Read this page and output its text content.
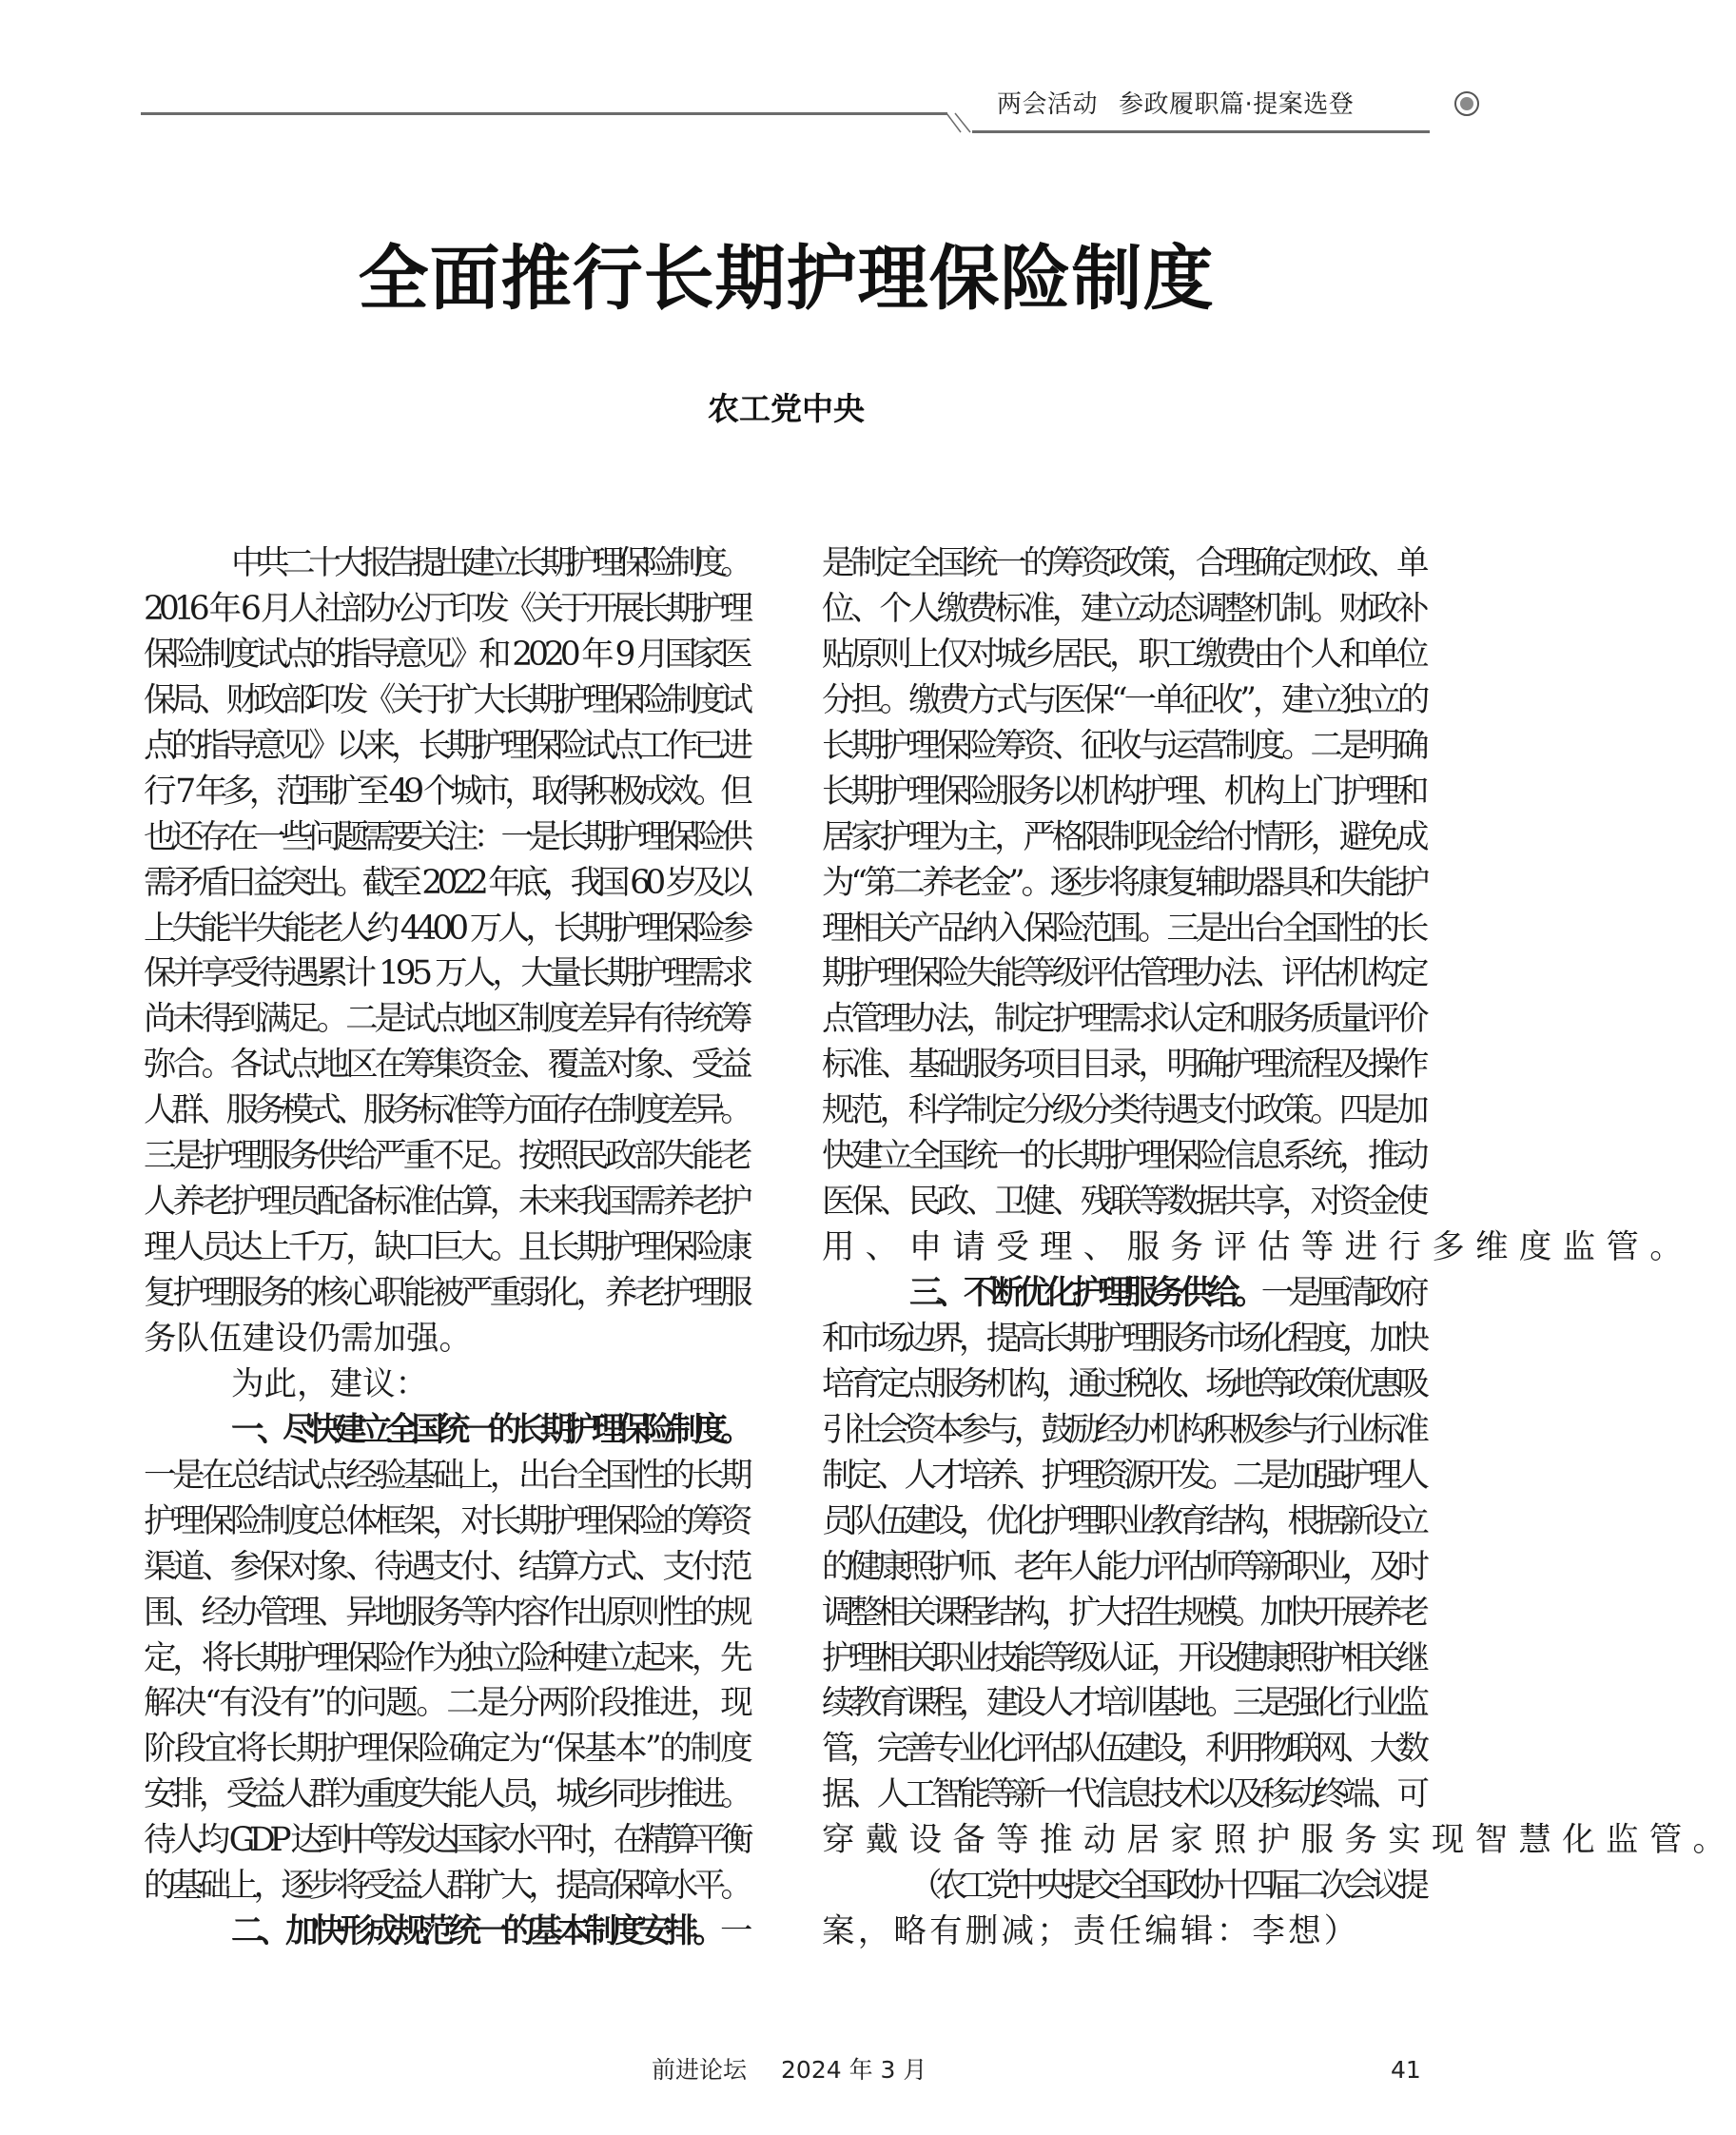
两会活动 参政履职篇·提案选登
全面推行长期护理保险制度
农工党中央
中共二十大报告提出建立长期护理保险制度。
2016 年 6 月人社部办公厅印发《关于开展长期护理
保险制度试点的指导意见》和 2020 年 9 月国家医
保局、财政部印发《关于扩大长期护理保险制度试
点的指导意见》以来，长期护理保险试点工作已进
行 7 年多，范围扩至 49 个城市，取得积极成效。但
也还存在一些问题需要关注：一是长期护理保险供
需矛盾日益突出。截至 2022 年底，我国 60 岁及以
上失能半失能老人约 4400 万人，长期护理保险参
保并享受待遇累计 195 万人，大量长期护理需求
尚未得到满足。二是试点地区制度差异有待统筹
弥合。各试点地区在筹集资金、覆盖对象、受益
人群、服务模式、服务标准等方面存在制度差异。
三是护理服务供给严重不足。按照民政部失能老
人养老护理员配备标准估算，未来我国需养老护
理人员达上千万，缺口巨大。且长期护理保险康
复护理服务的核心职能被严重弱化，养老护理服
务队伍建设仍需加强。
为此，建议：
一、尽快建立全国统一的长期护理保险制度。
一是在总结试点经验基础上，出台全国性的长期
护理保险制度总体框架，对长期护理保险的筹资
渠道、参保对象、待遇支付、结算方式、支付范
围、经办管理、异地服务等内容作出原则性的规
定，将长期护理保险作为独立险种建立起来，先
解决“有没有”的问题。二是分两阶段推进，现
阶段宜将长期护理保险确定为“保基本”的制度
安排，受益人群为重度失能人员，城乡同步推进。
待人均 GDP 达到中等发达国家水平时，在精算平衡
的基础上，逐步将受益人群扩大，提高保障水平。
二、加快形成规范统一的基本制度安排。一
是制定全国统一的筹资政策，合理确定财政、单
位、个人缴费标准，建立动态调整机制。财政补
贴原则上仅对城乡居民，职工缴费由个人和单位
分担。缴费方式与医保“一单征收”，建立独立的
长期护理保险筹资、征收与运营制度。二是明确
长期护理保险服务以机构护理、机构上门护理和
居家护理为主，严格限制现金给付情形，避免成
为“第二养老金”。逐步将康复辅助器具和失能护
理相关产品纳入保险范围。三是出台全国性的长
期护理保险失能等级评估管理办法、评估机构定
点管理办法，制定护理需求认定和服务质量评价
标准、基础服务项目目录，明确护理流程及操作
规范，科学制定分级分类待遇支付政策。四是加
快建立全国统一的长期护理保险信息系统，推动
医保、民政、卫健、残联等数据共享，对资金使
用、申请受理、服务评估等进行多维度监管。
三、不断优化护理服务供给。一是厘清政府
和市场边界，提高长期护理服务市场化程度，加快
培育定点服务机构，通过税收、场地等政策优惠吸
引社会资本参与，鼓励经办机构积极参与行业标准
制定、人才培养、护理资源开发。二是加强护理人
员队伍建设，优化护理职业教育结构，根据新设立
的健康照护师、老年人能力评估师等新职业，及时
调整相关课程结构，扩大招生规模。加快开展养老
护理相关职业技能等级认证，开设健康照护相关继
续教育课程，建设人才培训基地。三是强化行业监
管，完善专业化评估队伍建设，利用物联网、大数
据、人工智能等新一代信息技术以及移动终端、可
穿戴设备等推动居家照护服务实现智慧化监管。
（农工党中央提交全国政协十四届二次会议提
案，略有删减；责任编辑：李想）
前进论坛 2024 年 3 月	41
